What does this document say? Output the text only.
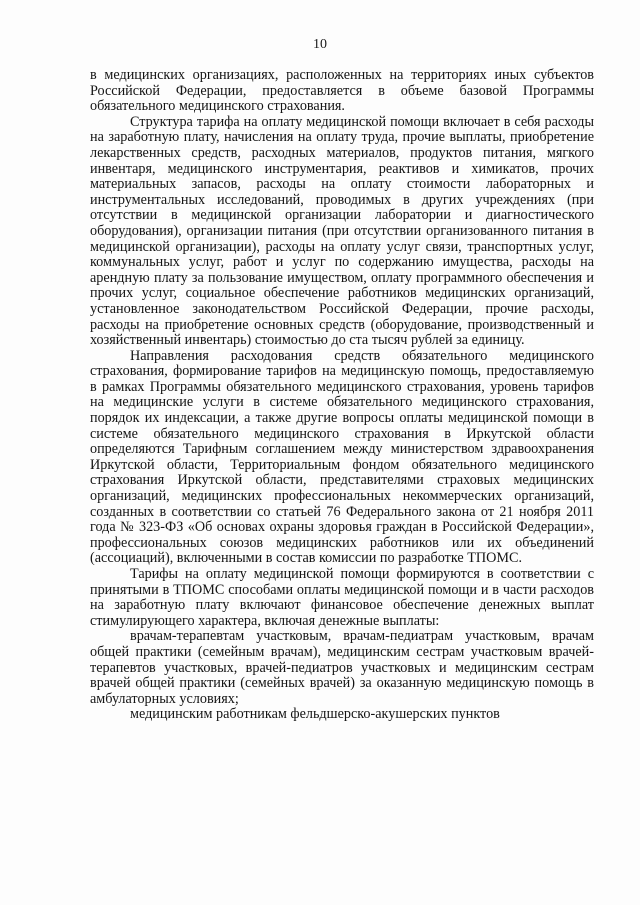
10

в медицинских организациях, расположенных на территориях иных субъектов Российской Федерации, предоставляется в объеме базовой Программы обязательного медицинского страхования.

Структура тарифа на оплату медицинской помощи включает в себя расходы на заработную плату, начисления на оплату труда, прочие выплаты, приобретение лекарственных средств, расходных материалов, продуктов питания, мягкого инвентаря, медицинского инструментария, реактивов и химикатов, прочих материальных запасов, расходы на оплату стоимости лабораторных и инструментальных исследований, проводимых в других учреждениях (при отсутствии в медицинской организации лаборатории и диагностического оборудования), организации питания (при отсутствии организованного питания в медицинской организации), расходы на оплату услуг связи, транспортных услуг, коммунальных услуг, работ и услуг по содержанию имущества, расходы на арендную плату за пользование имуществом, оплату программного обеспечения и прочих услуг, социальное обеспечение работников медицинских организаций, установленное законодательством Российской Федерации, прочие расходы, расходы на приобретение основных средств (оборудование, производственный и хозяйственный инвентарь) стоимостью до ста тысяч рублей за единицу.

Направления расходования средств обязательного медицинского страхования, формирование тарифов на медицинскую помощь, предоставляемую в рамках Программы обязательного медицинского страхования, уровень тарифов на медицинские услуги в системе обязательного медицинского страхования, порядок их индексации, а также другие вопросы оплаты медицинской помощи в системе обязательного медицинского страхования в Иркутской области определяются Тарифным соглашением между министерством здравоохранения Иркутской области, Территориальным фондом обязательного медицинского страхования Иркутской области, представителями страховых медицинских организаций, медицинских профессиональных некоммерческих организаций, созданных в соответствии со статьей 76 Федерального закона от 21 ноября 2011 года № 323-ФЗ «Об основах охраны здоровья граждан в Российской Федерации», профессиональных союзов медицинских работников или их объединений (ассоциаций), включенными в состав комиссии по разработке ТПОМС.

Тарифы на оплату медицинской помощи формируются в соответствии с принятыми в ТПОМС способами оплаты медицинской помощи и в части расходов на заработную плату включают финансовое обеспечение денежных выплат стимулирующего характера, включая денежные выплаты:

врачам-терапевтам участковым, врачам-педиатрам участковым, врачам общей практики (семейным врачам), медицинским сестрам участковым врачей-терапевтов участковых, врачей-педиатров участковых и медицинским сестрам врачей общей практики (семейных врачей) за оказанную медицинскую помощь в амбулаторных условиях;

медицинским работникам фельдшерско-акушерских пунктов
